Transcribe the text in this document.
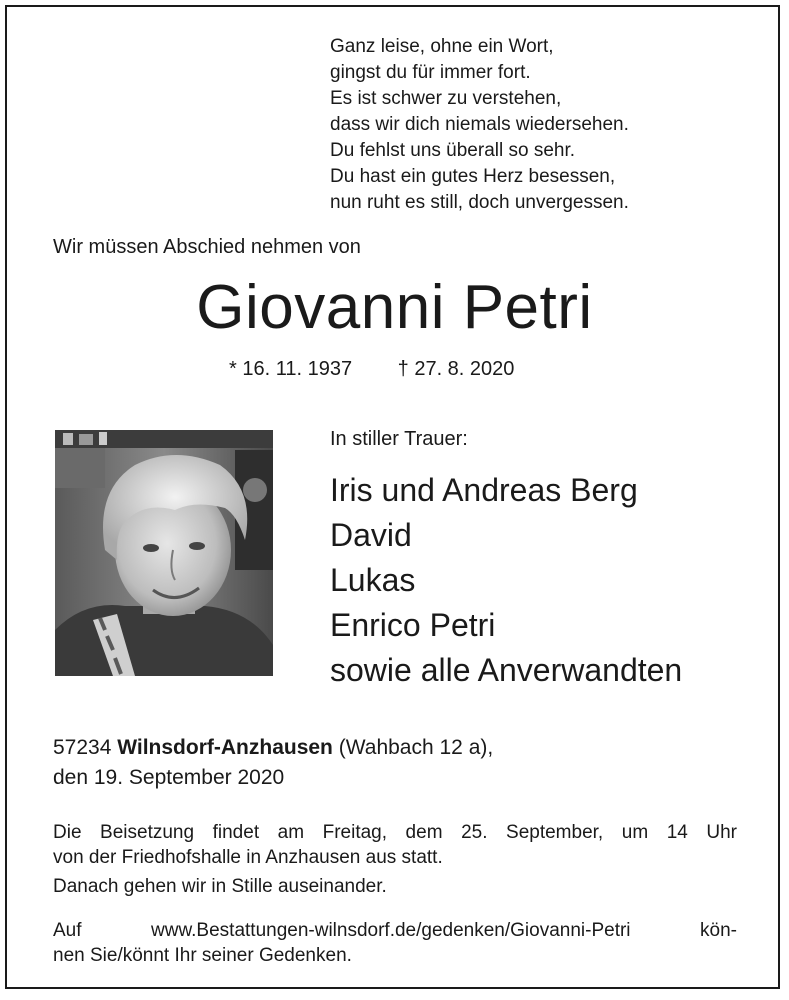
Ganz leise, ohne ein Wort,
gingst du für immer fort.
Es ist schwer zu verstehen,
dass wir dich niemals wiedersehen.
Du fehlst uns überall so sehr.
Du hast ein gutes Herz besessen,
nun ruht es still, doch unvergessen.
Wir müssen Abschied nehmen von
Giovanni Petri
* 16. 11. 1937 † 27. 8. 2020
In stiller Trauer:
Iris und Andreas Berg
David
Lukas
Enrico Petri
sowie alle Anverwandten
57234 Wilnsdorf-Anzhausen (Wahbach 12 a),
den 19. September 2020
Die Beisetzung findet am Freitag, dem 25. September, um 14 Uhr
von der Friedhofshalle in Anzhausen aus statt.
Danach gehen wir in Stille auseinander.
Auf www.Bestattungen-wilnsdorf.de/gedenken/Giovanni-Petri kön-
nen Sie/könnt Ihr seiner Gedenken.
